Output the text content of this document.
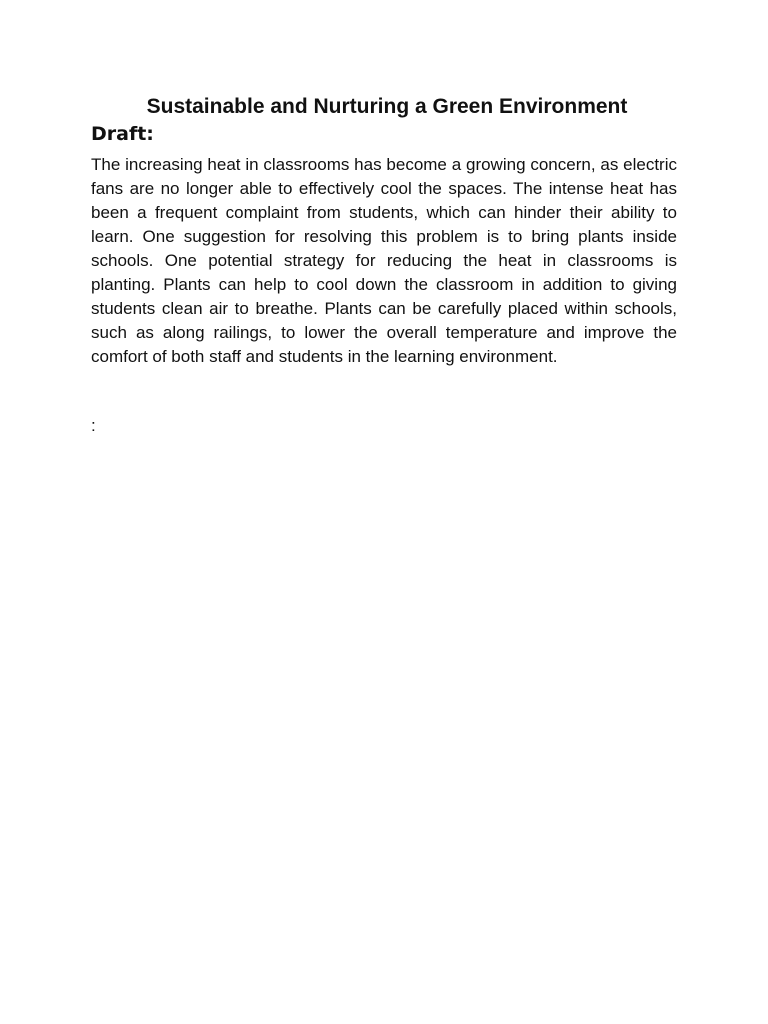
Sustainable and Nurturing a Green Environment
Draft:

The increasing heat in classrooms has become a growing concern, as electric fans are no longer able to effectively cool the spaces. The intense heat has been a frequent complaint from students, which can hinder their ability to learn. One suggestion for resolving this problem is to bring plants inside schools. One potential strategy for reducing the heat in classrooms is planting. Plants can help to cool down the classroom in addition to giving students clean air to breathe. Plants can be carefully placed within schools, such as along railings, to lower the overall temperature and improve the comfort of both staff and students in the learning environment.

:
